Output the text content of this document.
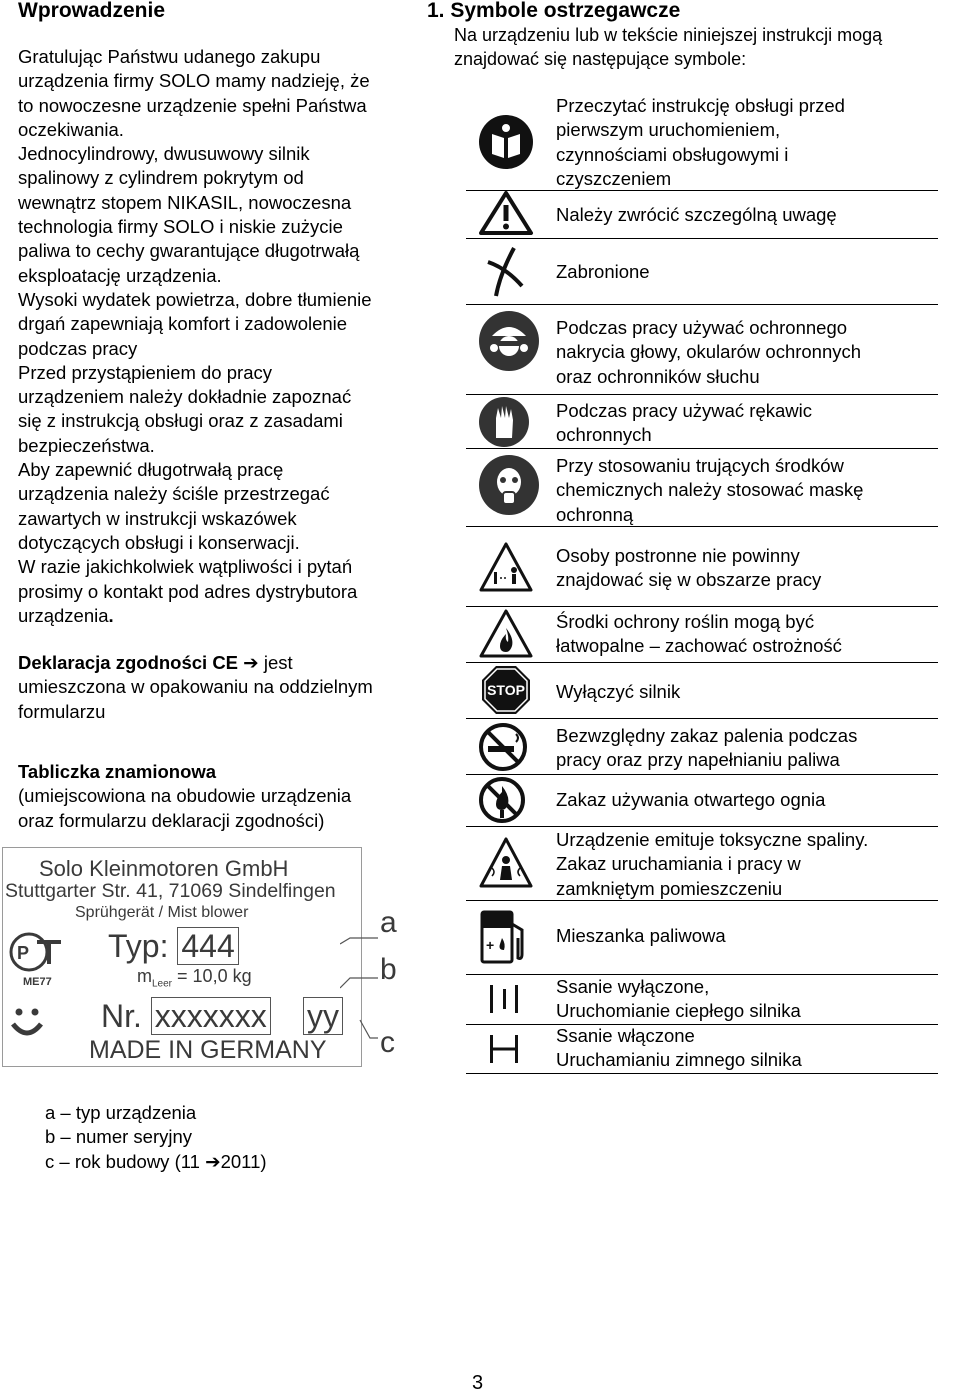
Wprowadzenie
Gratulując Państwu udanego zakupu
urządzenia firmy SOLO mamy nadzieję, że
to nowoczesne urządzenie spełni Państwa
oczekiwania.
Jednocylindrowy, dwusuwowy silnik
spalinowy z cylindrem pokrytym od
wewnątrz stopem NIKASIL, nowoczesna
technologia firmy SOLO i niskie zużycie
paliwa to cechy gwarantujące długotrwałą
eksploatację urządzenia.
Wysoki wydatek powietrza, dobre tłumienie
drgań zapewniają komfort i zadowolenie
podczas pracy
Przed przystąpieniem do pracy
urządzeniem należy dokładnie zapoznać
się z instrukcją obsługi oraz z zasadami
bezpieczeństwa.
Aby zapewnić długotrwałą pracę
urządzenia należy ściśle przestrzegać
zawartych w instrukcji wskazówek
dotyczących obsługi i konserwacji.
W razie jakichkolwiek wątpliwości i pytań
prosimy o kontakt pod adres dystrybutora
urządzenia.
Deklaracja zgodności CE ➔ jest
umieszczona w opakowaniu na oddzielnym
formularzu
Tabliczka znamionowa
(umiejscowiona na obudowie urządzenia
oraz formularzu deklaracji zgodności)
Solo Kleinmotoren GmbH
Stuttgarter Str. 41, 71069 Sindelfingen
Sprühgerät / Mist blower
P
ME77
Typ: 444
$m_{Leer} = 10,0$ kg
Nr. xxxxxxx yy
MADE IN GERMANY
a
b
c
a – typ urządzenia
b – numer seryjny
c – rok budowy (11 ➔2011)
1. Symbole ostrzegawcze
Na urządzeniu lub w tekście niniejszej instrukcji mogą
znajdować się następujące symbole:
Przeczytać instrukcję obsługi przed
pierwszym uruchomieniem,
czynnościami obsługowymi i
czyszczeniem
Należy zwrócić szczególną uwagę
Zabronione
Podczas pracy używać ochronnego
nakrycia głowy, okularów ochronnych
oraz ochronników słuchu
Podczas pracy używać rękawic
ochronnych
Przy stosowaniu trujących środków
chemicznych należy stosować maskę
ochronną
Osoby postronne nie powinny
znajdować się w obszarze pracy
Środki ochrony roślin mogą być
łatwopalne – zachować ostrożność
STOP Wyłączyć silnik
Bezwzględny zakaz palenia podczas
pracy oraz przy napełnianiu paliwa
Zakaz używania otwartego ognia
Urządzenie emituje toksyczne spaliny.
Zakaz uruchamiania i pracy w
zamkniętym pomieszczeniu
+	Mieszanka paliwowa
Ssanie wyłączone,
Uruchomianie ciepłego silnika
Ssanie włączone
Uruchamianiu zimnego silnika
3
